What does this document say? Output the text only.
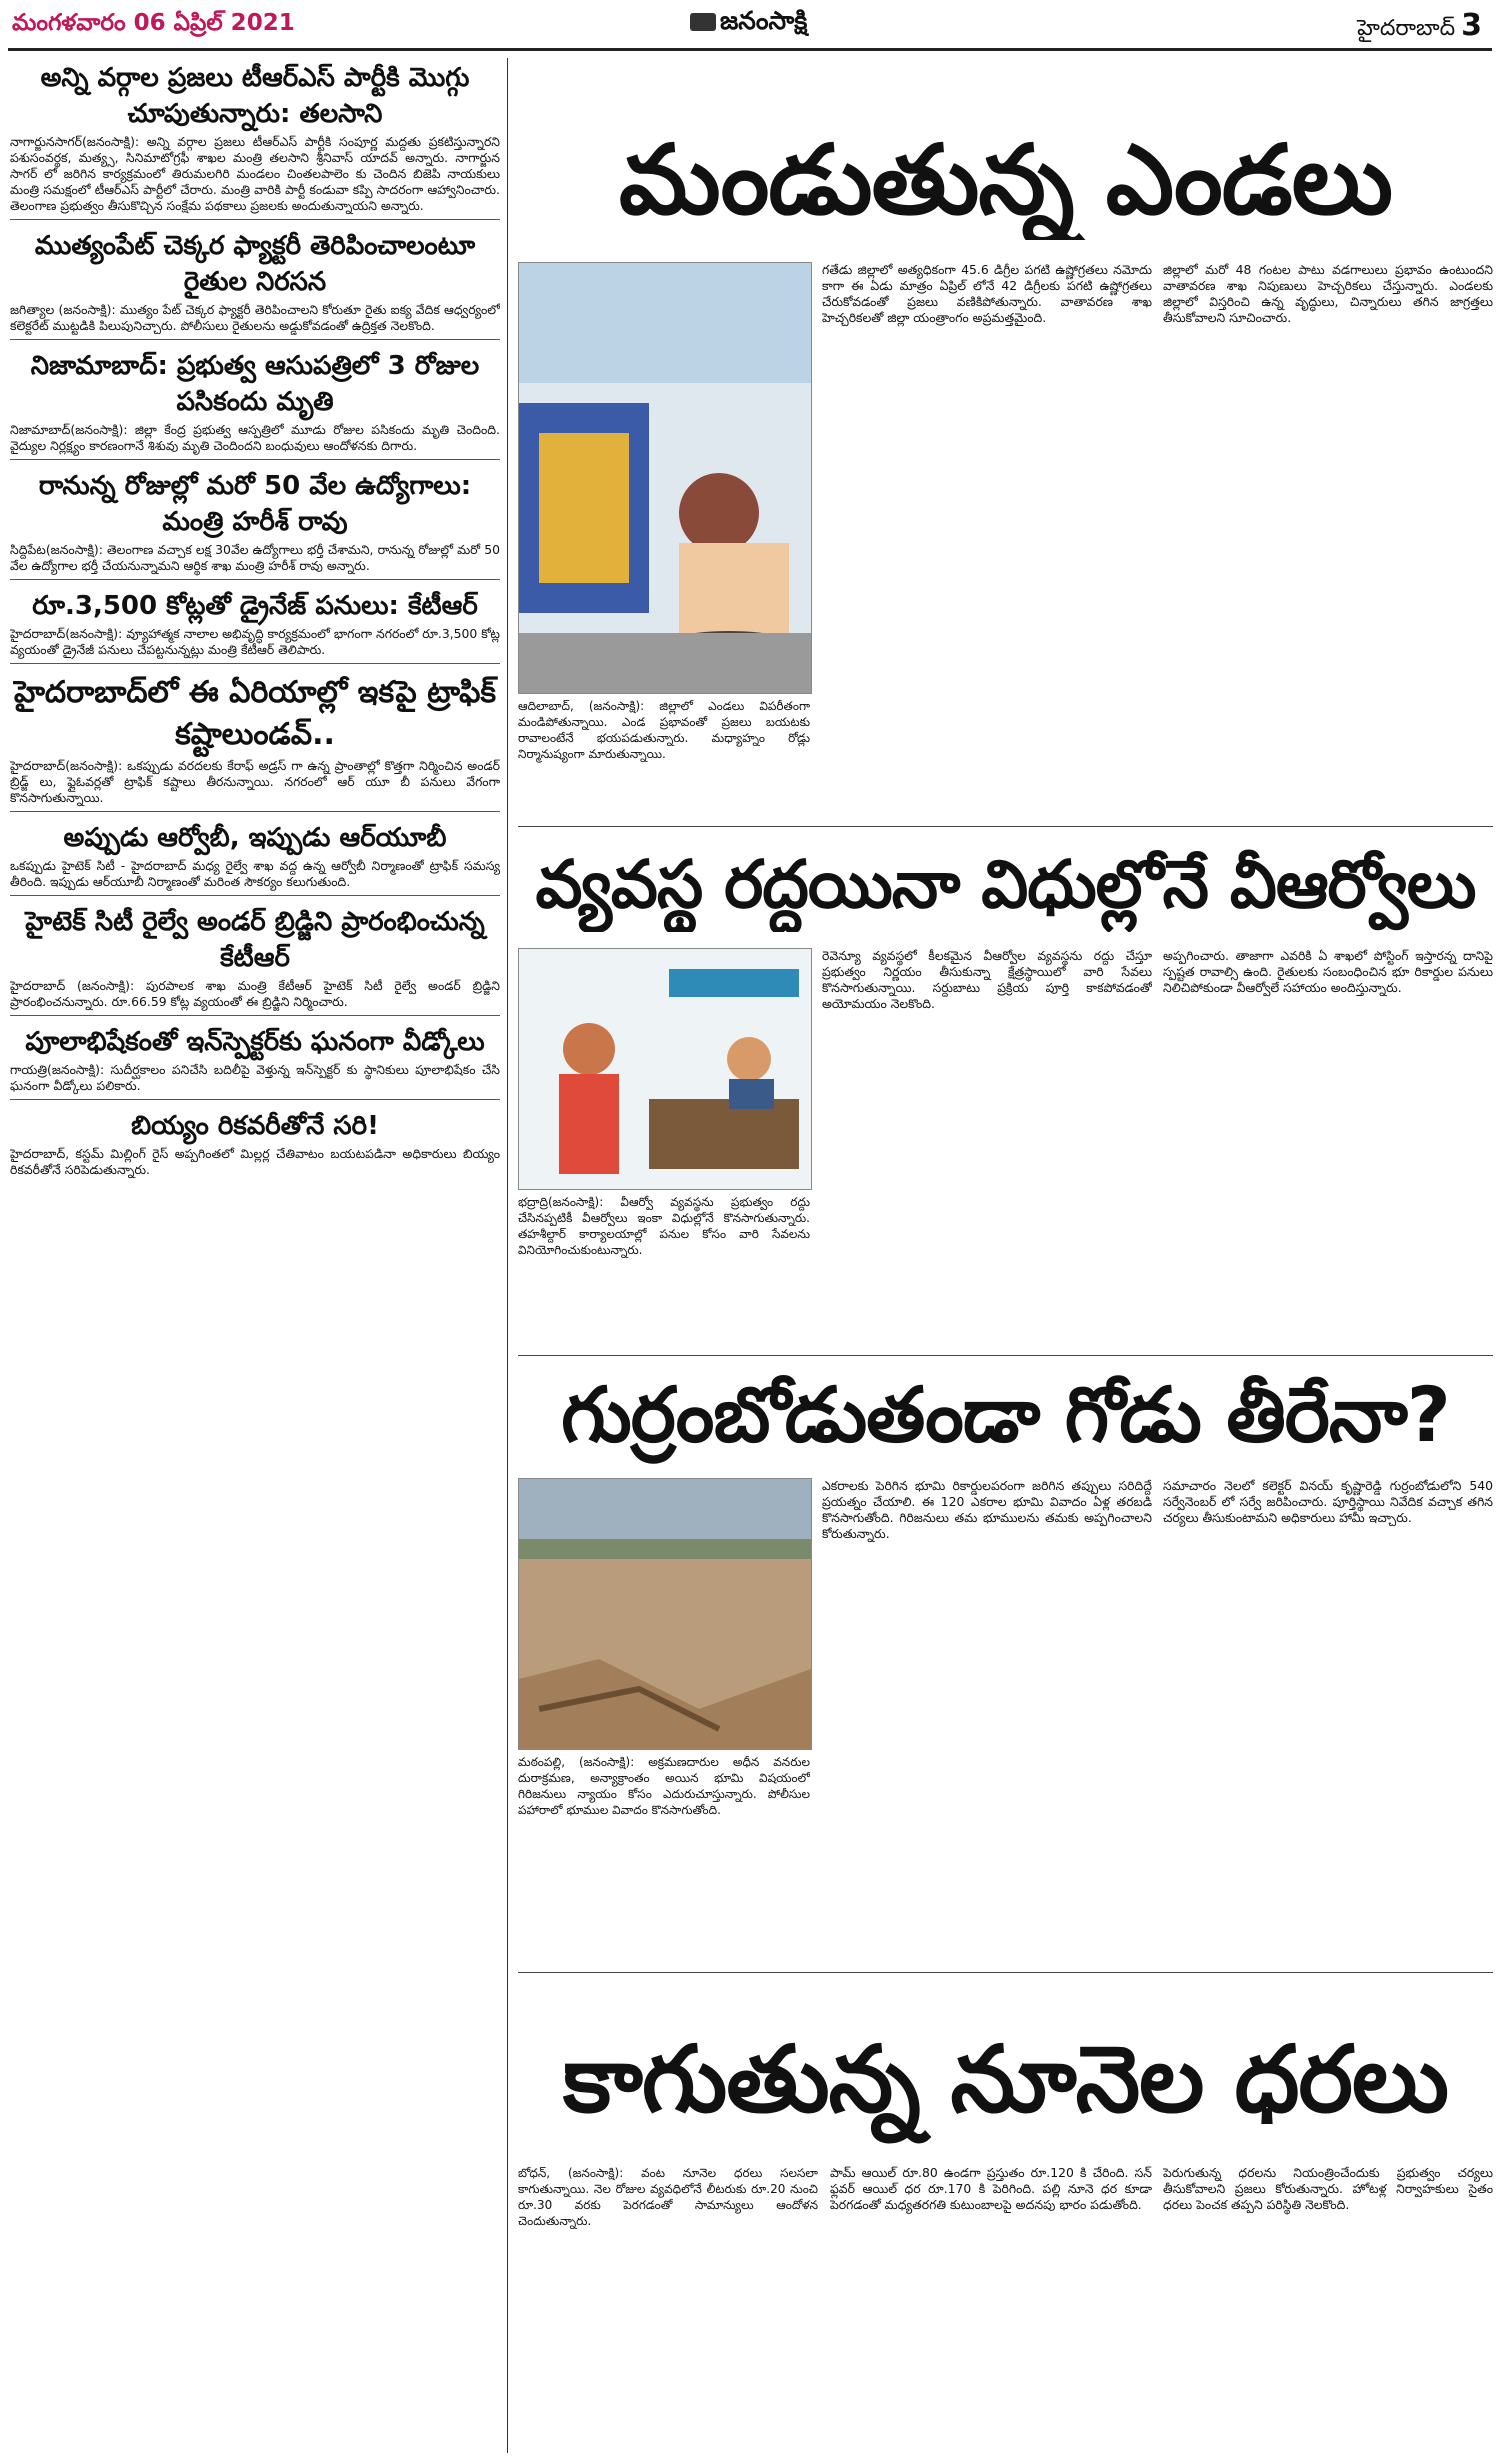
మంగళవారం 06 ఏప్రిల్ 2021	జనంసాక్షి	హైదరాబాద్ 3
అన్ని వర్గాల ప్రజలు టీఆర్ఎస్ పార్టీకి మొగ్గు చూపుతున్నారు: తలసాని

నాగార్జునసాగర్(జనంసాక్షి): అన్ని వర్గాల ప్రజలు టీఆర్ఎస్ పార్టీకి సంపూర్ణ మద్దతు ప్రకటిస్తున్నారని పశుసంవర్థక, మత్య్స, సినిమాటోగ్రఫీ శాఖల మంత్రి తలసాని శ్రీనివాస్ యాదవ్ అన్నారు. నాగార్జున సాగర్ లో జరిగిన కార్యక్రమంలో తిరుమలగిరి మండలం చింతలపాలెం కు చెందిన బిజెపి నాయకులు మంత్రి సమక్షంలో టీఆర్ఎస్ పార్టీలో చేరారు. మంత్రి వారికి పార్టీ కండువా కప్పి సాదరంగా ఆహ్వానించారు. తెలంగాణ ప్రభుత్వం తీసుకొచ్చిన సంక్షేమ పథకాలు ప్రజలకు అందుతున్నాయని అన్నారు.

ముత్యంపేట్ చెక్కర ఫ్యాక్టరీ తెరిపించాలంటూ రైతుల నిరసన

జగిత్యాల (జనంసాక్షి): ముత్యం పేట్ చెక్కర ఫ్యాక్టరీ తెరిపించాలని కోరుతూ రైతు ఐక్య వేదిక ఆధ్వర్యంలో కలెక్టరేట్ ముట్టడికి పిలుపునిచ్చారు. పోలీసులు రైతులను అడ్డుకోవడంతో ఉద్రిక్తత నెలకొంది.

నిజామాబాద్: ప్రభుత్వ ఆసుపత్రిలో 3 రోజుల పసికందు మృతి

నిజామాబాద్(జనంసాక్షి): జిల్లా కేంద్ర ప్రభుత్వ ఆస్పత్రిలో మూడు రోజుల పసికందు మృతి చెందింది. వైద్యుల నిర్లక్ష్యం కారణంగానే శిశువు మృతి చెందిందని బంధువులు ఆందోళనకు దిగారు.

రానున్న రోజుల్లో మరో 50 వేల ఉద్యోగాలు: మంత్రి హరీశ్ రావు

సిద్దిపేట(జనంసాక్షి): తెలంగాణ వచ్చాక లక్ష 30వేల ఉద్యోగాలు భర్తీ చేశామని, రానున్న రోజుల్లో మరో 50 వేల ఉద్యోగాల భర్తీ చేయనున్నామని ఆర్థిక శాఖ మంత్రి హరీశ్ రావు అన్నారు.

రూ.3,500 కోట్లతో డ్రైనేజ్ పనులు: కేటీఆర్

హైదరాబాద్(జనంసాక్షి): వ్యూహాత్మక నాలాల అభివృద్ధి కార్యక్రమంలో భాగంగా నగరంలో రూ.3,500 కోట్ల వ్యయంతో డ్రైనేజీ పనులు చేపట్టనున్నట్లు మంత్రి కేటీఆర్ తెలిపారు.

హైదరాబాద్‌లో ఈ ఏరియాల్లో ఇకపై ట్రాఫిక్ కష్టాలుండవ్..

హైదరాబాద్(జనంసాక్షి): ఒకప్పుడు వరదలకు కేరాఫ్ అడ్రస్ గా ఉన్న ప్రాంతాల్లో కొత్తగా నిర్మించిన అండర్ బ్రిడ్జ్ లు, ఫ్లైఓవర్లతో ట్రాఫిక్ కష్టాలు తీరనున్నాయి. నగరంలో ఆర్ యూ బీ పనులు వేగంగా కొనసాగుతున్నాయి.

అప్పుడు ఆర్వోబీ, ఇప్పుడు ఆర్‌యూబీ

ఒకప్పుడు హైటెక్ సిటీ - హైదరాబాద్ మధ్య రైల్వే శాఖ వద్ద ఉన్న ఆర్వోబీ నిర్మాణంతో ట్రాఫిక్ సమస్య తీరింది. ఇప్పుడు ఆర్‌యూబీ నిర్మాణంతో మరింత సౌకర్యం కలుగుతుంది.

హైటెక్ సిటీ రైల్వే అండర్ బ్రిడ్జిని ప్రారంభించున్న కేటీఆర్

హైదరాబాద్ (జనంసాక్షి): పురపాలక శాఖ మంత్రి కేటీఆర్ హైటెక్ సిటీ రైల్వే అండర్ బ్రిడ్జిని ప్రారంభించనున్నారు. రూ.66.59 కోట్ల వ్యయంతో ఈ బ్రిడ్జిని నిర్మించారు.

పూలాభిషేకంతో ఇన్‌స్పెక్టర్‌కు ఘనంగా వీడ్కోలు

గాయత్రి(జనంసాక్షి): సుదీర్ఘకాలం పనిచేసి బదిలీపై వెళ్తున్న ఇన్‌స్పెక్టర్ కు స్థానికులు పూలాభిషేకం చేసి ఘనంగా వీడ్కోలు పలికారు.

బియ్యం రికవరీతోనే సరి!

హైదరాబాద్, కస్టమ్ మిల్లింగ్ రైస్ అప్పగింతలో మిల్లర్ల చేతివాటం బయటపడినా అధికారులు బియ్యం రికవరీతోనే సరిపెడుతున్నారు.

మండుతున్న ఎండలు
ఆదిలాబాద్, (జనంసాక్షి): జిల్లాలో ఎండలు విపరీతంగా మండిపోతున్నాయి. ఎండ ప్రభావంతో ప్రజలు బయటకు రావాలంటేనే భయపడుతున్నారు. మధ్యాహ్నం రోడ్లు నిర్మానుష్యంగా మారుతున్నాయి.

గతేడు జిల్లాలో అత్యధికంగా 45.6 డిగ్రీల పగటి ఉష్ణోగ్రతలు నమోదు కాగా ఈ ఏడు మాత్రం ఏప్రిల్ లోనే 42 డిగ్రీలకు పగటి ఉష్ణోగ్రతలు చేరుకోవడంతో ప్రజలు వణికిపోతున్నారు. వాతావరణ శాఖ హెచ్చరికలతో జిల్లా యంత్రాంగం అప్రమత్తమైంది.

జిల్లాలో మరో 48 గంటల పాటు వడగాలులు ప్రభావం ఉంటుందని వాతావరణ శాఖ నిపుణులు హెచ్చరికలు చేస్తున్నారు. ఎండలకు జిల్లాలో విస్తరించి ఉన్న వృద్ధులు, చిన్నారులు తగిన జాగ్రత్తలు తీసుకోవాలని సూచించారు.

వ్యవస్థ రద్దయినా విధుల్లోనే వీఆర్వోలు
భద్రాద్రి(జనంసాక్షి): వీఆర్వో వ్యవస్థను ప్రభుత్వం రద్దు చేసినప్పటికీ వీఆర్వోలు ఇంకా విధుల్లోనే కొనసాగుతున్నారు. తహశీల్దార్ కార్యాలయాల్లో పనుల కోసం వారి సేవలను వినియోగించుకుంటున్నారు.

రెవెన్యూ వ్యవస్థలో కీలకమైన వీఆర్వోల వ్యవస్థను రద్దు చేస్తూ ప్రభుత్వం నిర్ణయం తీసుకున్నా క్షేత్రస్థాయిలో వారి సేవలు కొనసాగుతున్నాయి. సర్దుబాటు ప్రక్రియ పూర్తి కాకపోవడంతో అయోమయం నెలకొంది.

అప్పగించారు. తాజాగా ఎవరికి ఏ శాఖలో పోస్టింగ్ ఇస్తారన్న దానిపై స్పష్టత రావాల్సి ఉంది. రైతులకు సంబంధించిన భూ రికార్డుల పనులు నిలిచిపోకుండా వీఆర్వోలే సహాయం అందిస్తున్నారు.

గుర్రంబోడుతండా గోడు తీరేనా?
మఠంపల్లి, (జనంసాక్షి): అక్రమణదారుల అధీన వనరుల దురాక్రమణ, అన్యాక్రాంతం అయిన భూమి విషయంలో గిరిజనులు న్యాయం కోసం ఎదురుచూస్తున్నారు. పోలీసుల పహారాలో భూముల వివాదం కొనసాగుతోంది.

ఎకరాలకు పెరిగిన భూమి రికార్డులపరంగా జరిగిన తప్పులు సరిదిద్దే ప్రయత్నం చేయాలి. ఈ 120 ఎకరాల భూమి వివాదం ఏళ్ల తరబడి కొనసాగుతోంది. గిరిజనులు తమ భూములను తమకు అప్పగించాలని కోరుతున్నారు.

సమాచారం నెలలో కలెక్టర్ వినయ్ కృష్ణారెడ్డి గుర్రంబోడులోని 540 సర్వేనెంబర్ లో సర్వే జరిపించారు. పూర్తిస్థాయి నివేదిక వచ్చాక తగిన చర్యలు తీసుకుంటామని అధికారులు హామీ ఇచ్చారు.

కాగుతున్న నూనెల ధరలు
బోధన్, (జనంసాక్షి): వంట నూనెల ధరలు సలసలా కాగుతున్నాయి. నెల రోజుల వ్యవధిలోనే లీటరుకు రూ.20 నుంచి రూ.30 వరకు పెరగడంతో సామాన్యులు ఆందోళన చెందుతున్నారు.

పామ్ ఆయిల్ రూ.80 ఉండగా ప్రస్తుతం రూ.120 కి చేరింది. సన్ ఫ్లవర్ ఆయిల్ ధర రూ.170 కి పెరిగింది. పల్లి నూనె ధర కూడా పెరగడంతో మధ్యతరగతి కుటుంబాలపై అదనపు భారం పడుతోంది.

పెరుగుతున్న ధరలను నియంత్రించేందుకు ప్రభుత్వం చర్యలు తీసుకోవాలని ప్రజలు కోరుతున్నారు. హోటళ్ల నిర్వాహకులు సైతం ధరలు పెంచక తప్పని పరిస్థితి నెలకొంది.
